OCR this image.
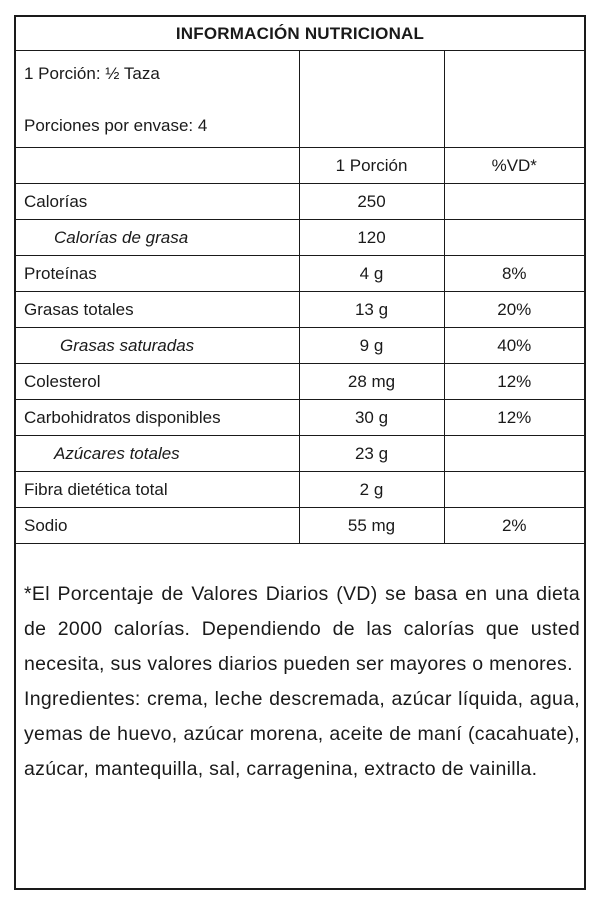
INFORMACIÓN NUTRICIONAL		

1 Porción: ½ Taza
Porciones por envase: 4		

	1 Porción	%VD*
Calorías	250	
Calorías de grasa	120	
Proteínas	4 g	8%
Grasas totales	13 g	20%
Grasas saturadas	9 g	40%
Colesterol	28 mg	12%
Carbohidratos disponibles	30 g	12%
Azúcares totales	23 g	
Fibra dietética total	2 g	
Sodio	55 mg	2%

*El Porcentaje de Valores Diarios (VD) se basa en una dieta de 2000 calorías. Dependiendo de las calorías que usted necesita, sus valores diarios pueden ser mayores o menores.

Ingredientes: crema, leche descremada, azúcar líquida, agua, yemas de huevo, azúcar morena, aceite de maní (cacahuate), azúcar, mantequilla, sal, carragenina, extracto de vainilla.
